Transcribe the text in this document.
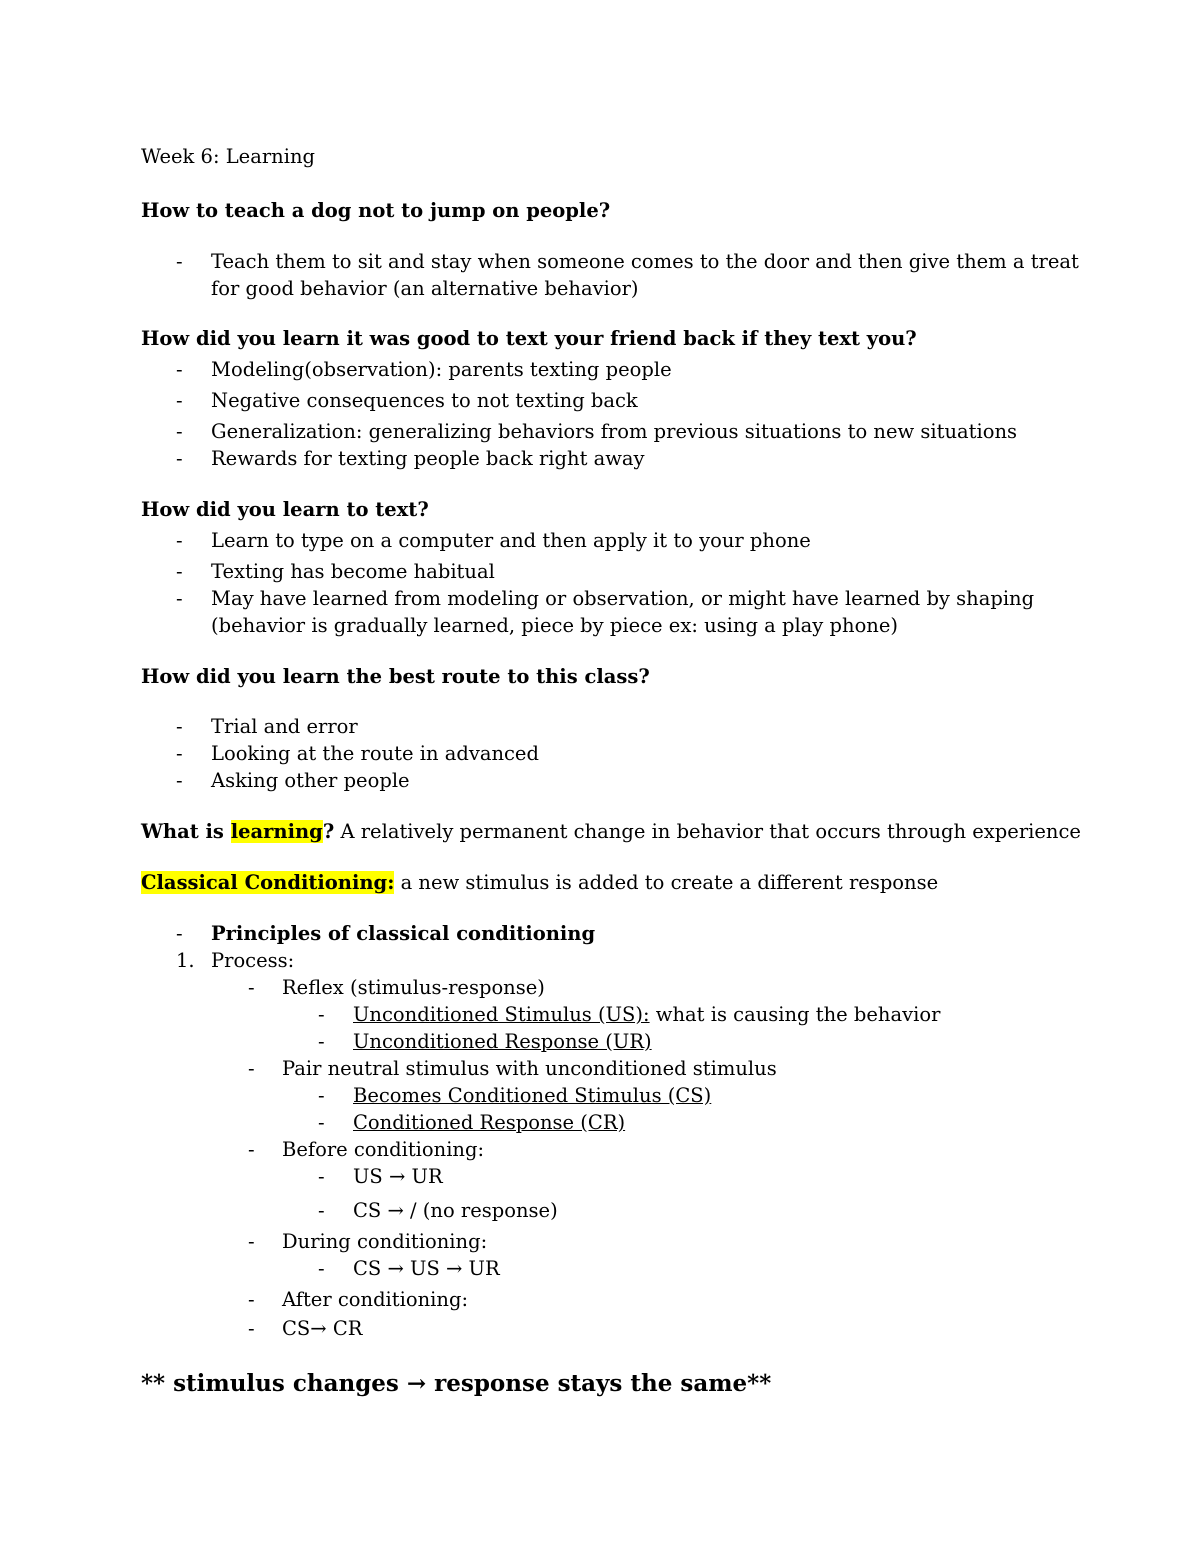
Week 6: Learning
How to teach a dog not to jump on people?
- Teach them to sit and stay when someone comes to the door and then give them a treat
for good behavior (an alternative behavior)
How did you learn it was good to text your friend back if they text you?
- Modeling(observation): parents texting people
- Negative consequences to not texting back
- Generalization: generalizing behaviors from previous situations to new situations
- Rewards for texting people back right away
How did you learn to text?
- Learn to type on a computer and then apply it to your phone
- Texting has become habitual
- May have learned from modeling or observation, or might have learned by shaping
(behavior is gradually learned, piece by piece ex: using a play phone)
How did you learn the best route to this class?
- Trial and error
- Looking at the route in advanced
- Asking other people
What is learning? A relatively permanent change in behavior that occurs through experience
Classical Conditioning: a new stimulus is added to create a different response
- Principles of classical conditioning
1. Process:
- Reflex (stimulus-response)
- Unconditioned Stimulus (US): what is causing the behavior
- Unconditioned Response (UR)
- Pair neutral stimulus with unconditioned stimulus
- Becomes Conditioned Stimulus (CS)
- Conditioned Response (CR)
- Before conditioning:
- US → UR
- CS → / (no response)
- During conditioning:
- CS → US → UR
- After conditioning:
- CS→ CR
** stimulus changes → response stays the same**
